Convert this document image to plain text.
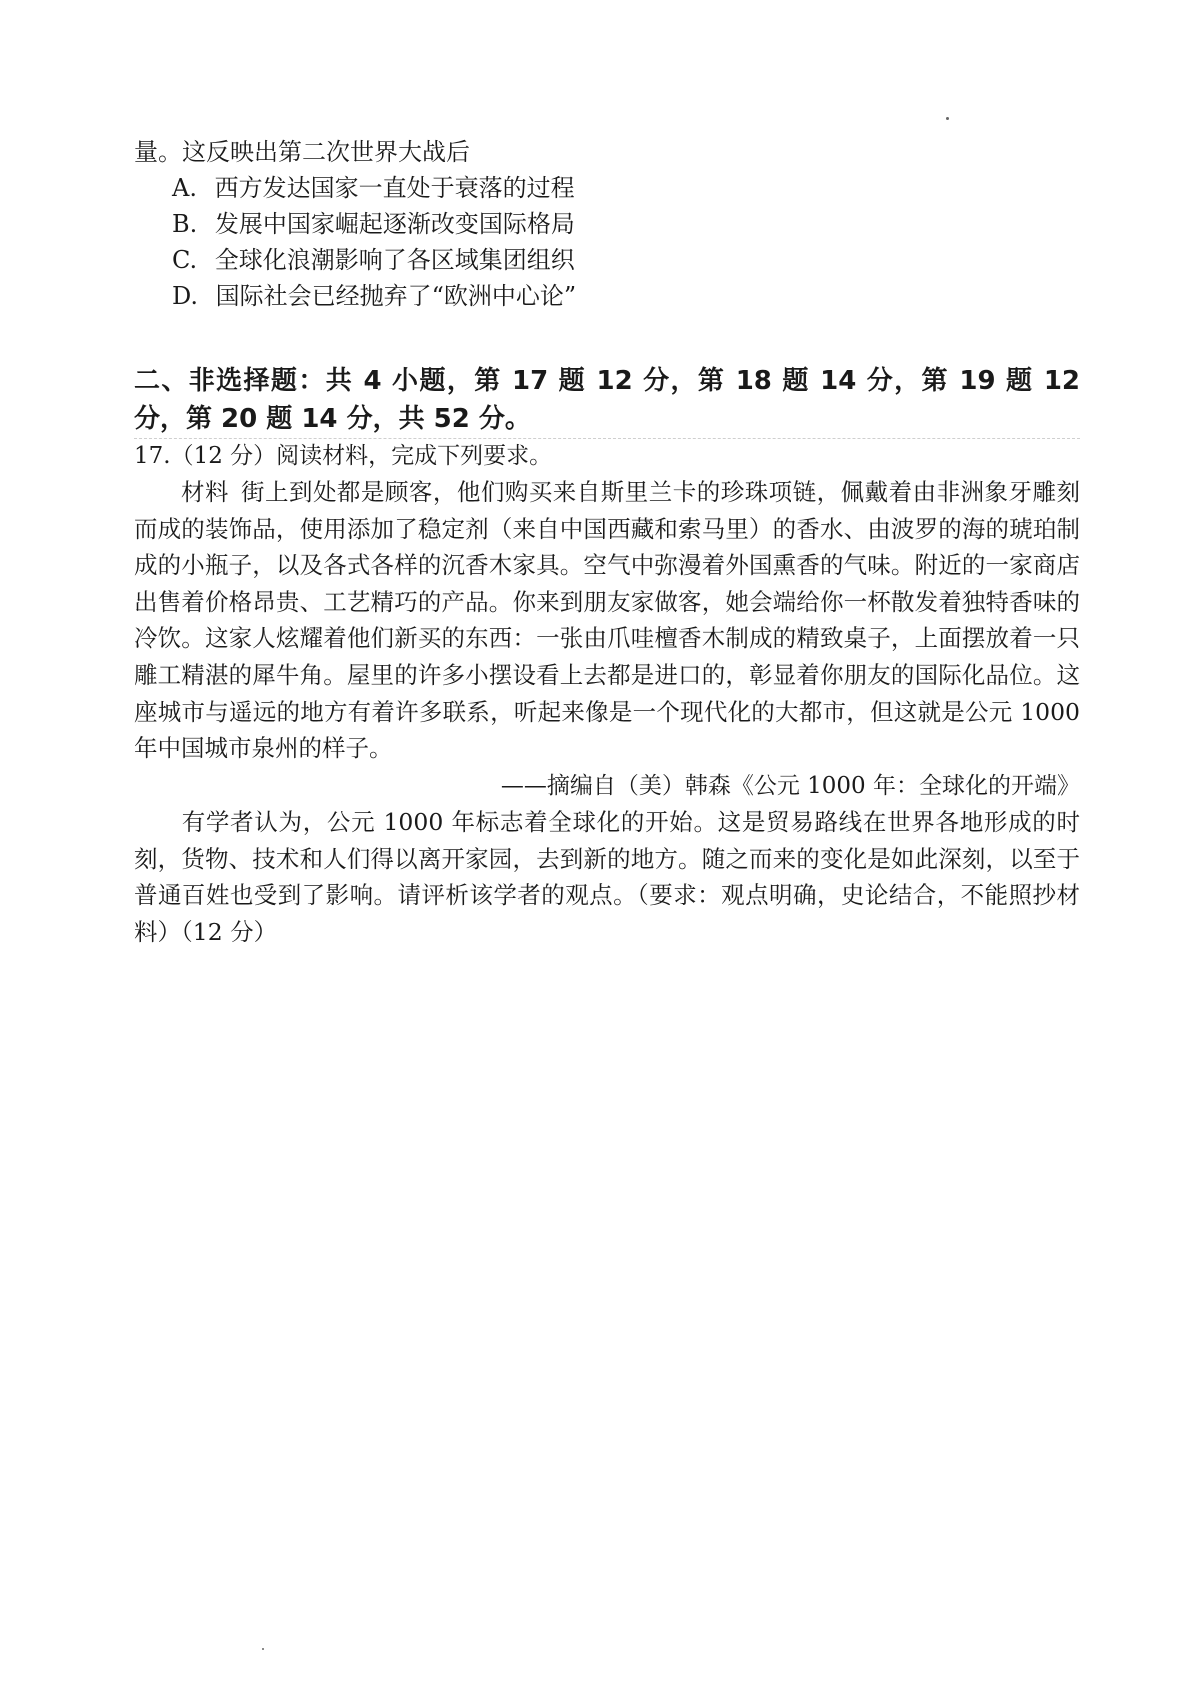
量。这反映出第二次世界大战后
A. 西方发达国家一直处于衰落的过程
B. 发展中国家崛起逐渐改变国际格局
C. 全球化浪潮影响了各区域集团组织
D. 国际社会已经抛弃了“欧洲中心论”
二、非选择题：共 4 小题，第 17 题 12 分，第 18 题 14 分，第 19 题 12 分，第 20 题 14 分，共 52 分。
17.（12 分）阅读材料，完成下列要求。
材料 街上到处都是顾客，他们购买来自斯里兰卡的珍珠项链，佩戴着由非洲象牙雕刻而成的装饰品，使用添加了稳定剂（来自中国西藏和索马里）的香水、由波罗的海的琥珀制成的小瓶子，以及各式各样的沉香木家具。空气中弥漫着外国熏香的气味。附近的一家商店出售着价格昂贵、工艺精巧的产品。你来到朋友家做客，她会端给你一杯散发着独特香味的冷饮。这家人炫耀着他们新买的东西：一张由爪哇檀香木制成的精致桌子，上面摆放着一只雕工精湛的犀牛角。屋里的许多小摆设看上去都是进口的，彰显着你朋友的国际化品位。这座城市与遥远的地方有着许多联系，听起来像是一个现代化的大都市，但这就是公元 1000 年中国城市泉州的样子。
——摘编自（美）韩森《公元 1000 年：全球化的开端》
有学者认为，公元 1000 年标志着全球化的开始。这是贸易路线在世界各地形成的时刻，货物、技术和人们得以离开家园，去到新的地方。随之而来的变化是如此深刻，以至于普通百姓也受到了影响。请评析该学者的观点。（要求：观点明确，史论结合，不能照抄材料）（12 分）
